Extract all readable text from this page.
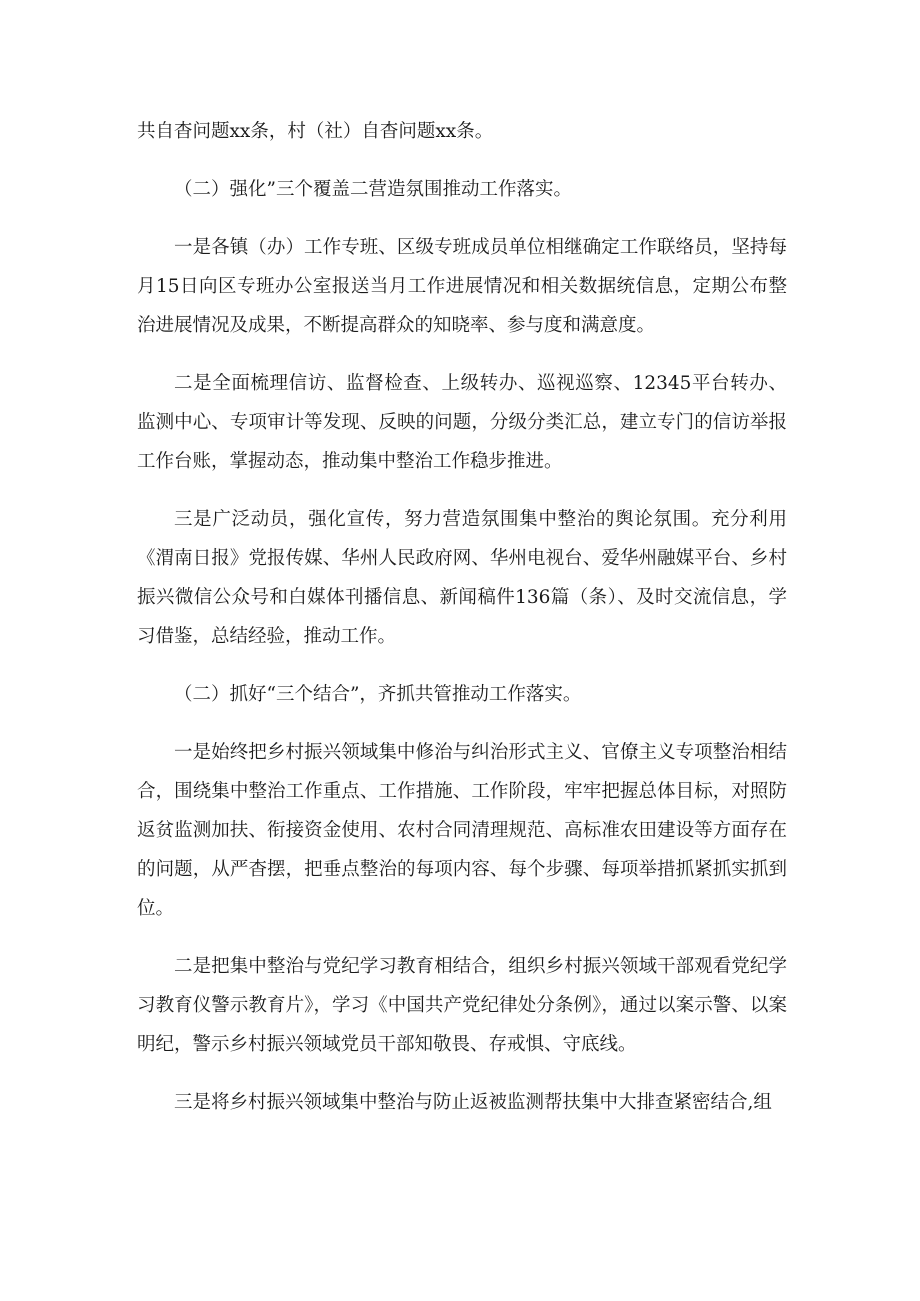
共自杳问题xx条，村（社）自杳问题xx条。

（二）强化”三个覆盖二营造氛围推动工作落实。

一是各镇（办）工作专班、区级专班成员单位相继确定工作联络员，坚持每月15日向区专班办公室报送当月工作进展情况和相关数据统信息，定期公布整治进展情况及成果，不断提高群众的知晓率、参与度和满意度。

二是全面梳理信访、监督检查、上级转办、巡视巡察、12345平台转办、监测中心、专项审计等发现、反映的问题，分级分类汇总，建立专门的信访举报工作台账，掌握动态，推动集中整治工作稳步推进。

三是广泛动员，强化宣传，努力营造氛围集中整治的舆论氛围。充分利用《渭南日报》党报传媒、华州人民政府网、华州电视台、爱华州融媒平台、乡村振兴微信公众号和白媒体刊播信息、新闻稿件136篇（条）、及时交流信息，学习借鉴，总结经验，推动工作。

（二）抓好“三个结合”，齐抓共管推动工作落实。

一是始终把乡村振兴领域集中修治与纠治形式主义、官僚主义专项整治相结合，围绕集中整治工作重点、工作措施、工作阶段，牢牢把握总体目标，对照防返贫监测加扶、衔接资金使用、农村合同清理规范、高标准农田建设等方面存在的问题，从严杳摆，把垂点整治的每项内容、每个步骤、每项举措抓紧抓实抓到位。

二是把集中整治与党纪学习教育相结合，组织乡村振兴领域干部观看党纪学习教育仪警示教育片》，学习《中国共产党纪律处分条例》，通过以案示警、以案明纪，警示乡村振兴领域党员干部知敬畏、存戒惧、守底线。

三是将乡村振兴领域集中整治与防止返被监测帮扶集中大排查紧密结合,组
